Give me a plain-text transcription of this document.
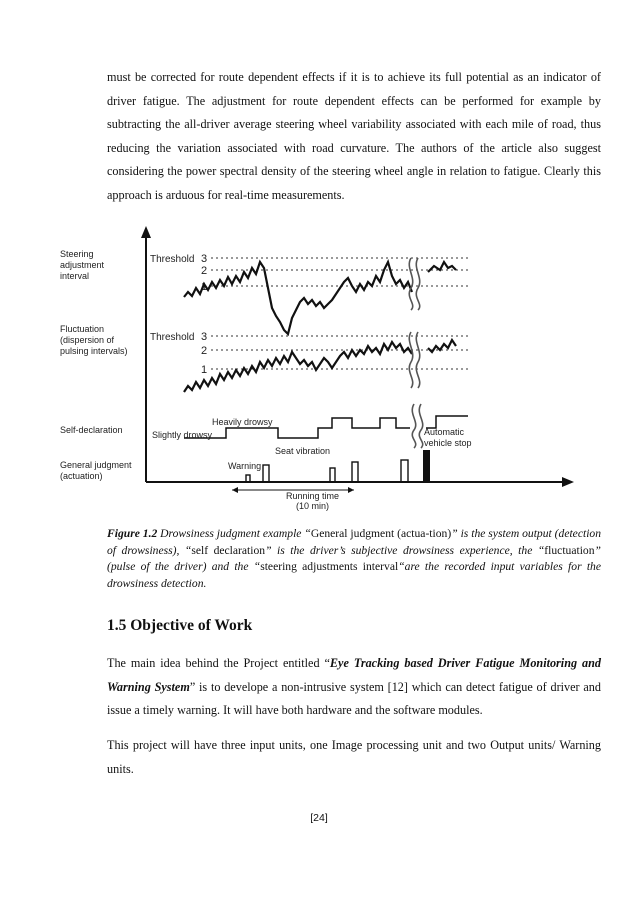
must be corrected for route dependent effects if it is to achieve its full potential as an indicator of driver fatigue. The adjustment for route dependent effects can be performed for example by subtracting the all-driver average steering wheel variability associated with each mile of road, thus reducing the variation associated with road curvature. The authors of the article also suggest considering the power spectral density of the steering wheel angle in relation to fatigue. Clearly this approach is arduous for real-time measurements.

Steering
adjustment
interval
Fluctuation
(dispersion of
pulsing intervals)
Self-declaration
General judgment
(actuation)
Threshold
Threshold
3
2
1
3
2
1
Heavily drowsy
Slightly drowsy
Seat vibration
Warning
Automatic
vehicle stop
Running time
(10 min)

Figure 1.2 Drowsiness judgment example “General judgment (actua-tion)” is the system output (detection of drowsiness), “self declaration” is the driver’s subjective drowsiness experience, the “fluctuation” (pulse of the driver) and the “steering adjustments interval“are the recorded input variables for the drowsiness detection.

1.5 Objective of Work

The main idea behind the Project entitled “Eye Tracking based Driver Fatigue Monitoring and Warning System” is to develope a non-intrusive system [12] which can detect fatigue of driver and issue a timely warning. It will have both hardware and the software modules.

This project will have three input units, one Image processing unit and two Output units/ Warning units.

[24]
